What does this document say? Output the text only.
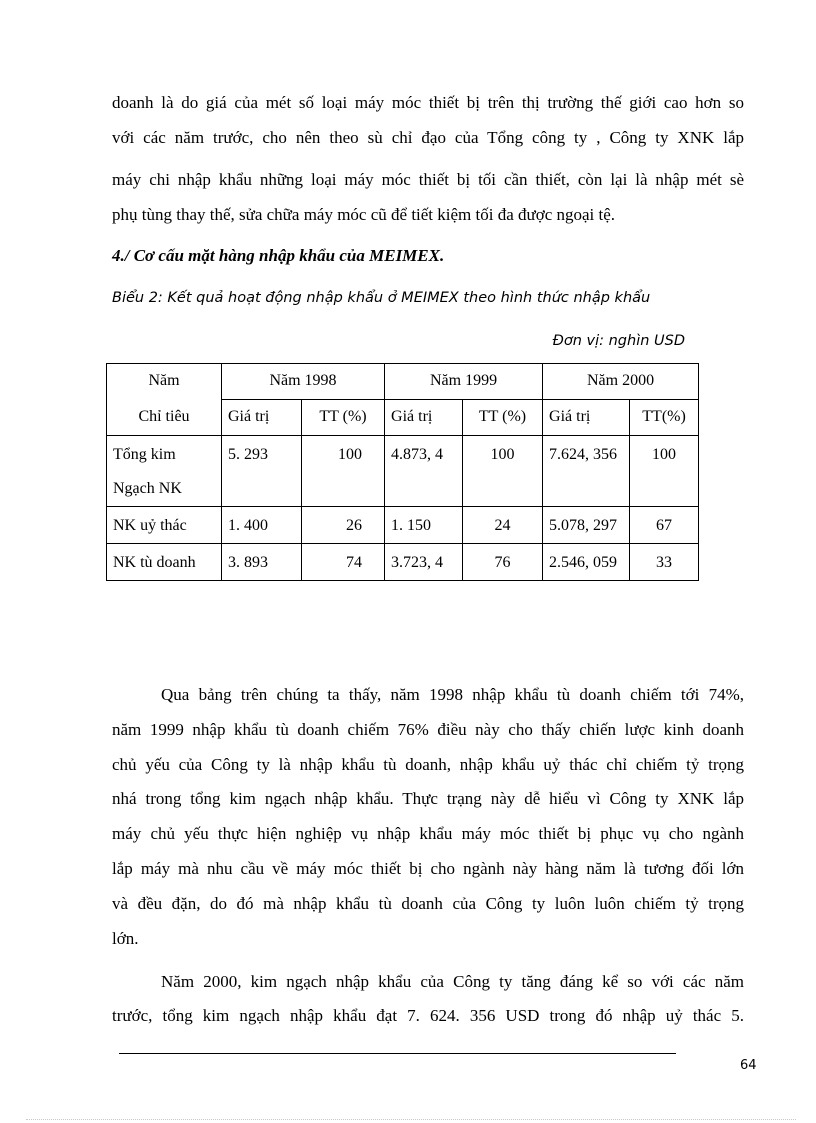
doanh là do giá của mét số loại máy móc thiết bị trên thị trường thế giới cao hơn so
với các năm trước, cho nên theo sù chỉ đạo của Tổng công ty , Công ty XNK lắp
máy chi nhập khẩu những loại máy móc thiết bị tối cần thiết, còn lại là nhập mét sè
phụ tùng thay thế, sửa chữa máy móc cũ để tiết kiệm tối đa được ngoại tệ.

4./ Cơ cấu mặt hàng nhập khẩu của MEIMEX.

Biểu 2: Kết quả hoạt động nhập khẩu ở MEIMEX theo hình thức nhập khẩu

Đơn vị: nghìn USD

Năm	Năm 1998		Năm 1999		Năm 2000	
Chỉ tiêu	Giá trị	TT (%)	Giá trị	TT (%)	Giá trị	TT(%)
Tổng kim Ngạch NK	5. 293	100	4.873, 4	100	7.624, 356	100
NK uỷ thác	1. 400	26	1. 150	24	5.078, 297	67
NK tù doanh	3. 893	74	3.723, 4	76	2.546, 059	33
Qua bảng trên chúng ta thấy, năm 1998 nhập khẩu tù doanh chiếm tới 74%,
năm 1999 nhập khẩu tù doanh chiếm 76% điều này cho thấy chiến lược kinh doanh
chủ yếu của Công ty là nhập khẩu tù doanh, nhập khẩu uỷ thác chỉ chiếm tỷ trọng
nhá trong tổng kim ngạch nhập khẩu. Thực trạng này dễ hiểu vì Công ty XNK lắp
máy chủ yếu thực hiện nghiệp vụ nhập khẩu máy móc thiết bị phục vụ cho ngành
lắp máy mà nhu cầu về máy móc thiết bị cho ngành này hàng năm là tương đối lớn
và đều đặn, do đó mà nhập khẩu tù doanh của Công ty luôn luôn chiếm tỷ trọng
lớn.
Năm 2000, kim ngạch nhập khẩu của Công ty tăng đáng kể so với các năm
trước, tổng kim ngạch nhập khẩu đạt 7. 624. 356 USD trong đó nhập uỷ thác 5.

64
